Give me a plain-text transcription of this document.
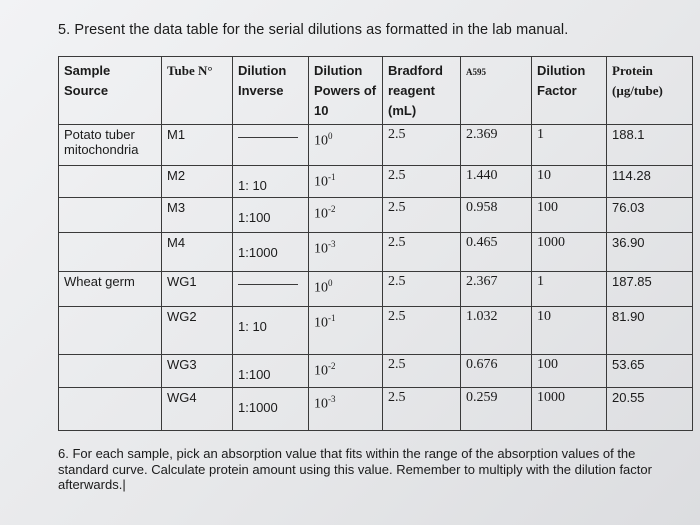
5. Present the data table for the serial dilutions as formatted in the lab manual.
Sample Source	Tube N°	Dilution Inverse	Dilution Powers of 10	Bradford reagent (mL)	A595	Dilution Factor	Protein (µg/tube)
Potato tuber mitochondria	M1		$10^0$	2.5	2.369	1	188.1
	M2	1: 10	$10^{-1}$	2.5	1.440	10	114.28
	M3	1:100	$10^{-2}$	2.5	0.958	100	76.03
	M4	1:1000	$10^{-3}$	2.5	0.465	1000	36.90
Wheat germ	WG1		$10^0$	2.5	2.367	1	187.85
	WG2	1: 10	$10^{-1}$	2.5	1.032	10	81.90
	WG3	1:100	$10^{-2}$	2.5	0.676	100	53.65
	WG4	1:1000	$10^{-3}$	2.5	0.259	1000	20.55
6. For each sample, pick an absorption value that fits within the range of the absorption values of the standard curve. Calculate protein amount using this value. Remember to multiply with the dilution factor afterwards.|
